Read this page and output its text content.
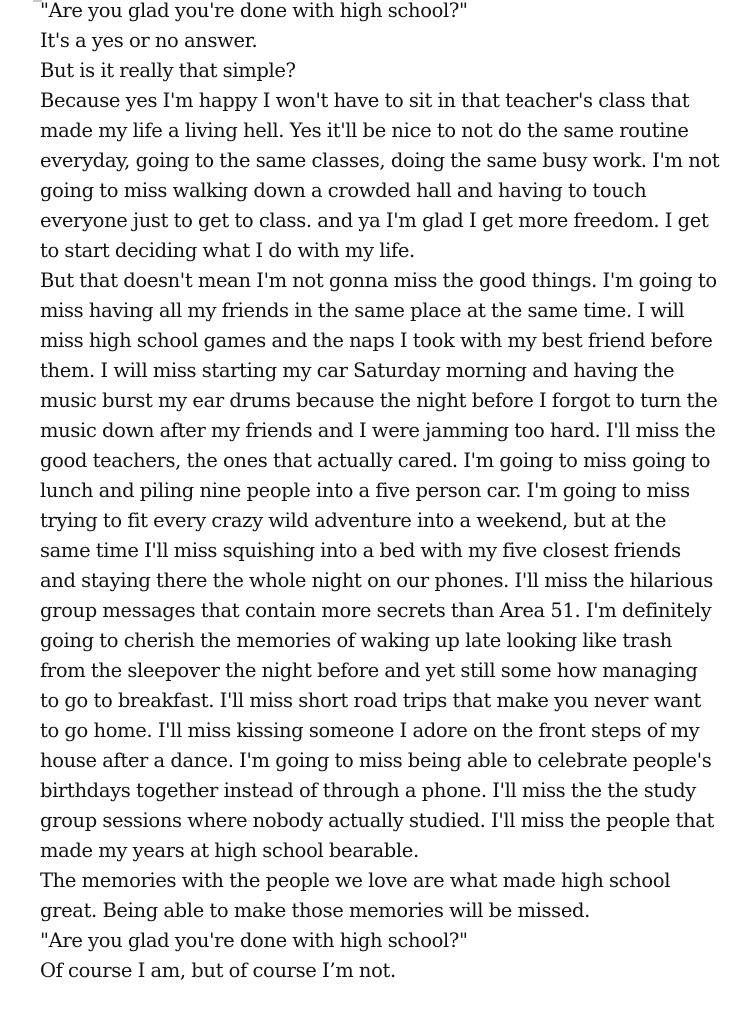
"Are you glad you're done with high school?"

It's a yes or no answer.

But is it really that simple?

Because yes I'm happy I won't have to sit in that teacher's class that made my life a living hell. Yes it'll be nice to not do the same routine everyday, going to the same classes, doing the same busy work. I'm not going to miss walking down a crowded hall and having to touch everyone just to get to class. and ya I'm glad I get more freedom. I get to start deciding what I do with my life.

But that doesn't mean I'm not gonna miss the good things. I'm going to miss having all my friends in the same place at the same time. I will miss high school games and the naps I took with my best friend before them. I will miss starting my car Saturday morning and having the music burst my ear drums because the night before I forgot to turn the music down after my friends and I were jamming too hard. I'll miss the good teachers, the ones that actually cared. I'm going to miss going to lunch and piling nine people into a five person car. I'm going to miss trying to fit every crazy wild adventure into a weekend, but at the same time I'll miss squishing into a bed with my five closest friends and staying there the whole night on our phones. I'll miss the hilarious group messages that contain more secrets than Area 51. I'm definitely going to cherish the memories of waking up late looking like trash from the sleepover the night before and yet still some how managing to go to breakfast. I'll miss short road trips that make you never want to go home. I'll miss kissing someone I adore on the front steps of my house after a dance. I'm going to miss being able to celebrate people's birthdays together instead of through a phone. I'll miss the the study group sessions where nobody actually studied. I'll miss the people that made my years at high school bearable.

The memories with the people we love are what made high school great. Being able to make those memories will be missed.

"Are you glad you're done with high school?"

Of course I am, but of course I’m not.
